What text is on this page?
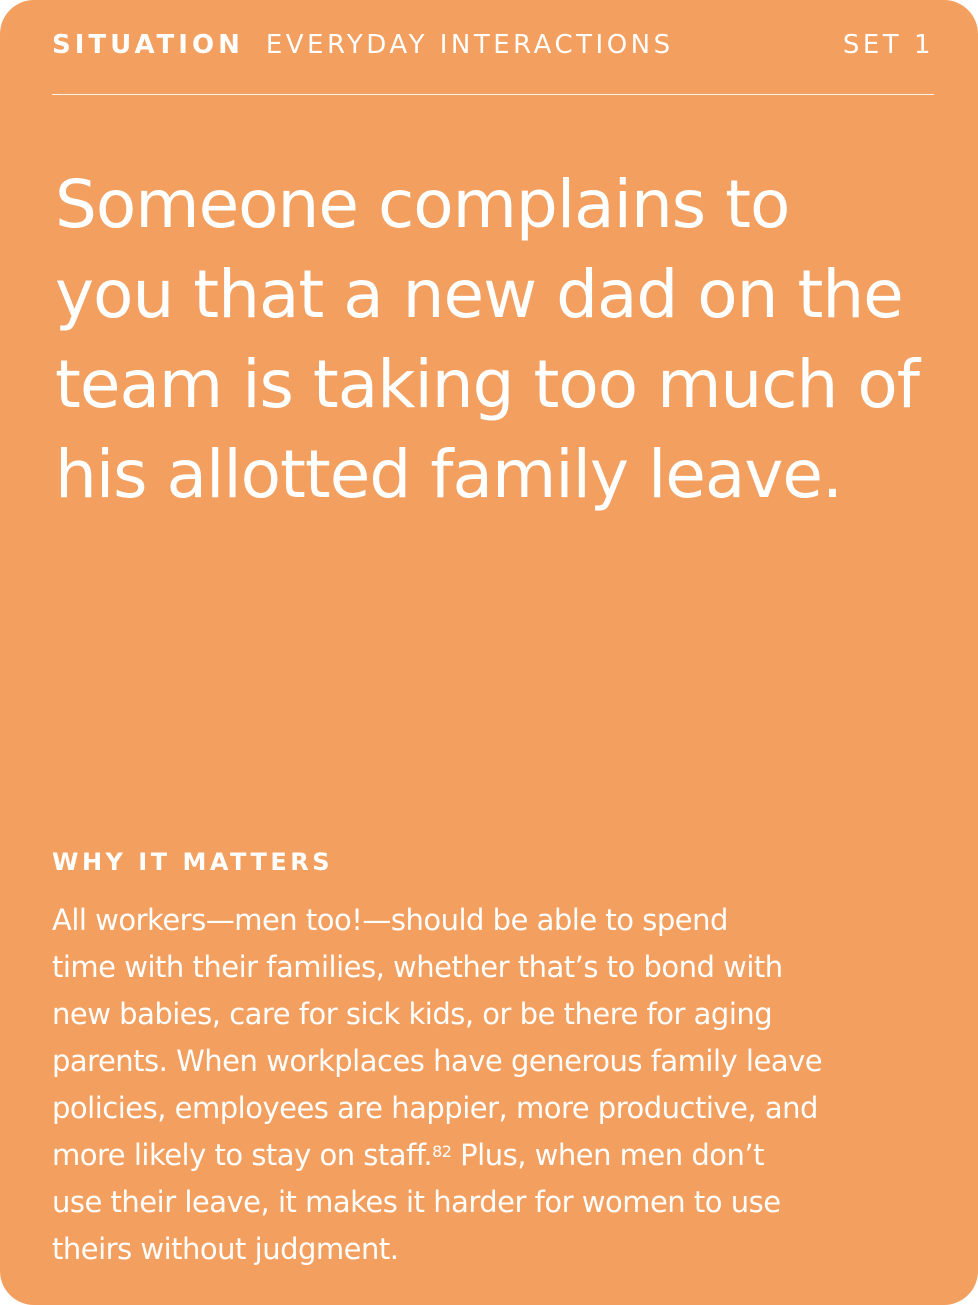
SITUATION EVERYDAY INTERACTIONS	SET 1
Someone complains to
you that a new dad on the
team is taking too much of
his allotted family leave.
WHY IT MATTERS
All workers—men too!—should be able to spend
time with their families, whether that’s to bond with
new babies, care for sick kids, or be there for aging
parents. When workplaces have generous family leave
policies, employees are happier, more productive, and
more likely to stay on staff.$^{82}$ Plus, when men don’t
use their leave, it makes it harder for women to use
theirs without judgment.
